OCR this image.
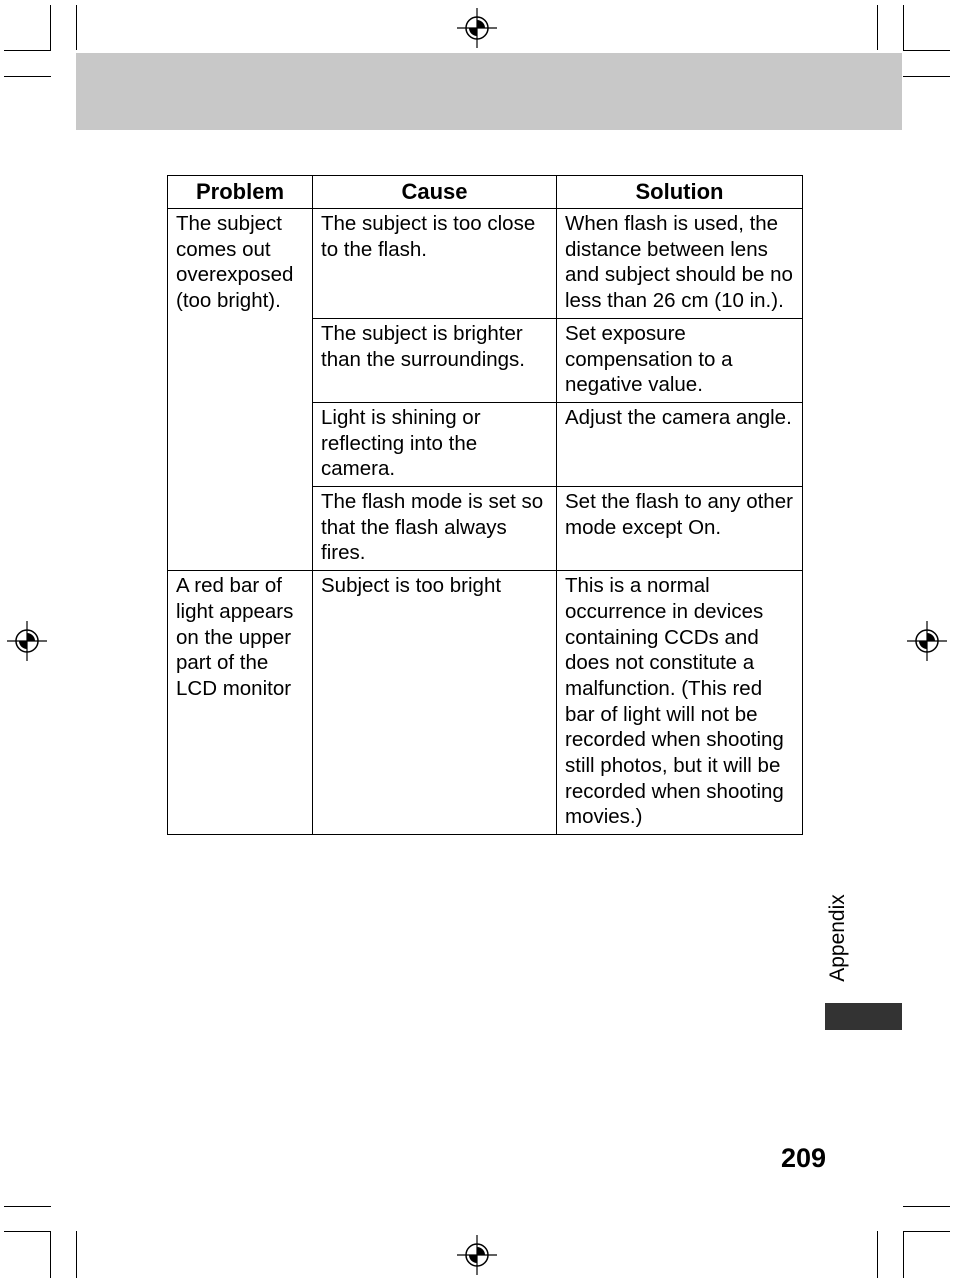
Problem	Cause	Solution
The subject comes out overexposed (too bright).	The subject is too close to the flash.	When flash is used, the distance between lens and subject should be no less than 26 cm (10 in.).
	The subject is brighter than the surroundings.	Set exposure compensation to a negative value.
	Light is shining or reflecting into the camera.	Adjust the camera angle.
	The flash mode is set so that the flash always fires.	Set the flash to any other mode except On.
A red bar of light appears on the upper part of the LCD monitor	Subject is too bright	This is a normal occurrence in devices containing CCDs and does not constitute a malfunction. (This red bar of light will not be recorded when shooting still photos, but it will be recorded when shooting movies.)
Appendix
209
